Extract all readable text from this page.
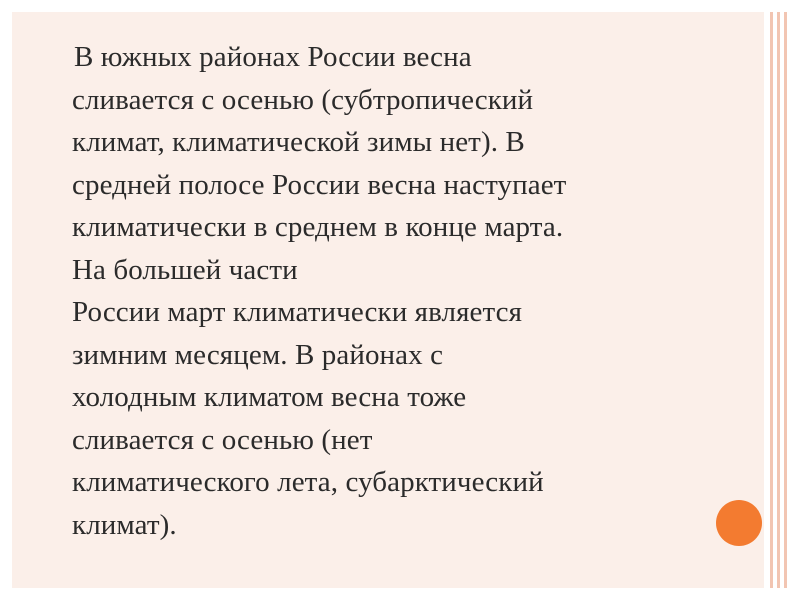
В южных районах России весна
сливается с осенью (субтропический
климат, климатической зимы нет). В
средней полосе России весна наступает
климатически в среднем в конце марта.
На большей части
России март климатически является
зимним месяцем. В районах с
холодным климатом весна тоже
сливается с осенью (нет
климатического лета, субарктический
климат).
